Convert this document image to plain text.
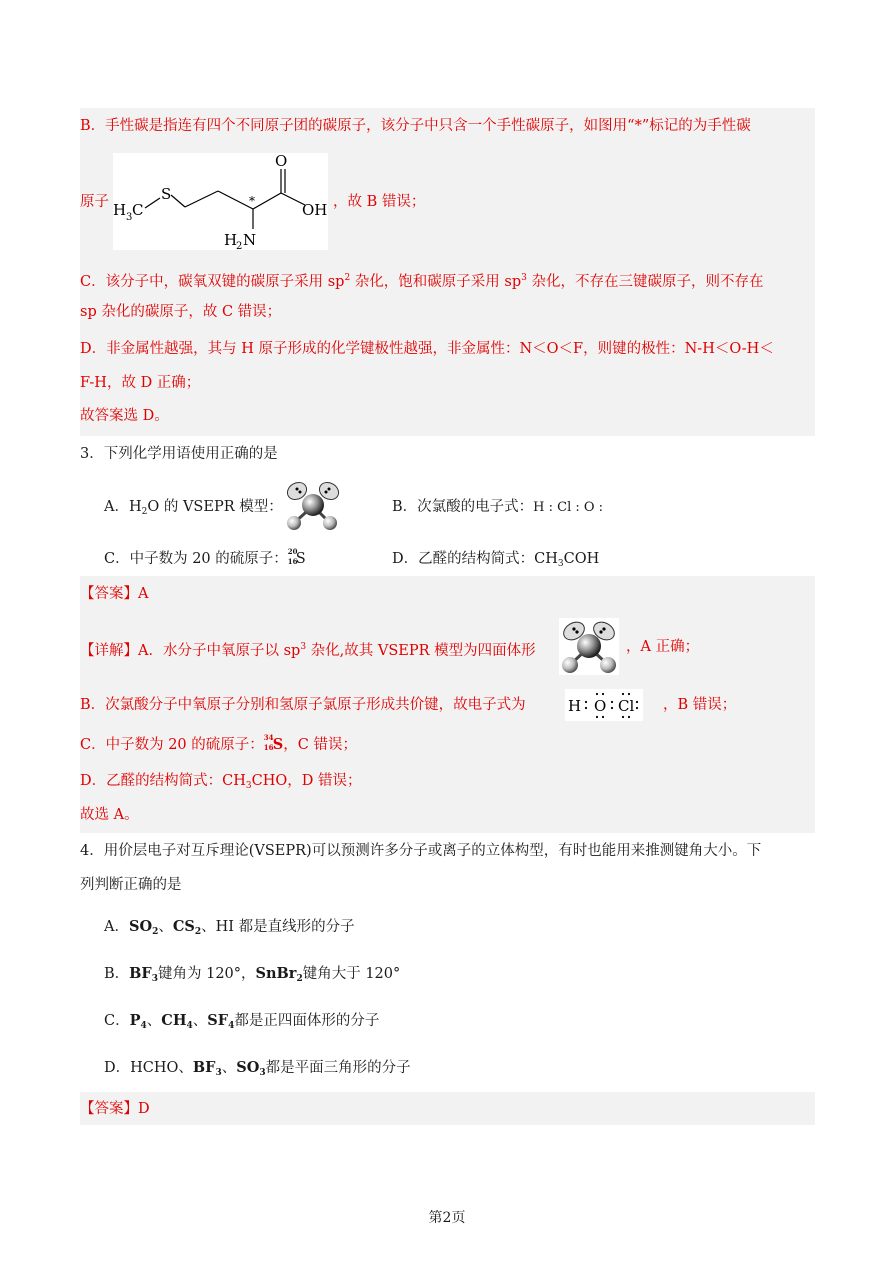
B．手性碳是指连有四个不同原子团的碳原子，该分子中只含一个手性碳原子，如图用“*”标记的为手性碳
原子	S
H 3 C
O
OH
*
H
2 N
，故 B 错误；
C．该分子中，碳氧双键的碳原子采用 $sp^2$ 杂化，饱和碳原子采用 $sp^3$ 杂化，不存在三键碳原子，则不存在
sp 杂化的碳原子，故 C 错误；
D．非金属性越强，其与 H 原子形成的化学键极性越强，非金属性：N＜O＜F，则键的极性：N-H＜O-H＜
F-H，故 D 正确；
故答案选 D。
3．下列化学用语使用正确的是
A．$H_2O$ 的 VSEPR 模型：	B．次氯酸的电子式：H : Cl : O :
C．中子数为 20 的硫原子： 20
16
S	D．乙醛的结构简式：$CH_3COH$
【答案】A
【详解】A．水分子中氧原子以 $sp^3$ 杂化,故其 VSEPR 模型为四面体形	，A 正确；
B．次氯酸分子中氧原子分别和氢原子氯原子形成共价键，故电子式为	H O Cl ，B 错误；
C．中子数为 20 的硫原子： 34
16 S，C 错误；
D．乙醛的结构简式：$CH_3CHO$，D 错误；
故选 A。
4．用价层电子对互斥理论(VSEPR)可以预测许多分子或离子的立体构型，有时也能用来推测键角大小。下
列判断正确的是
A．$SO_2$、$CS_2$、HI 都是直线形的分子
B．$BF_3$键角为 120°，SnBr$_2$键角大于 120°
C．$P_4$、$CH_4$、$SF_4$都是正四面体形的分子
D．HCHO、$BF_3$、$SO_3$都是平面三角形的分子
【答案】D
第2页
